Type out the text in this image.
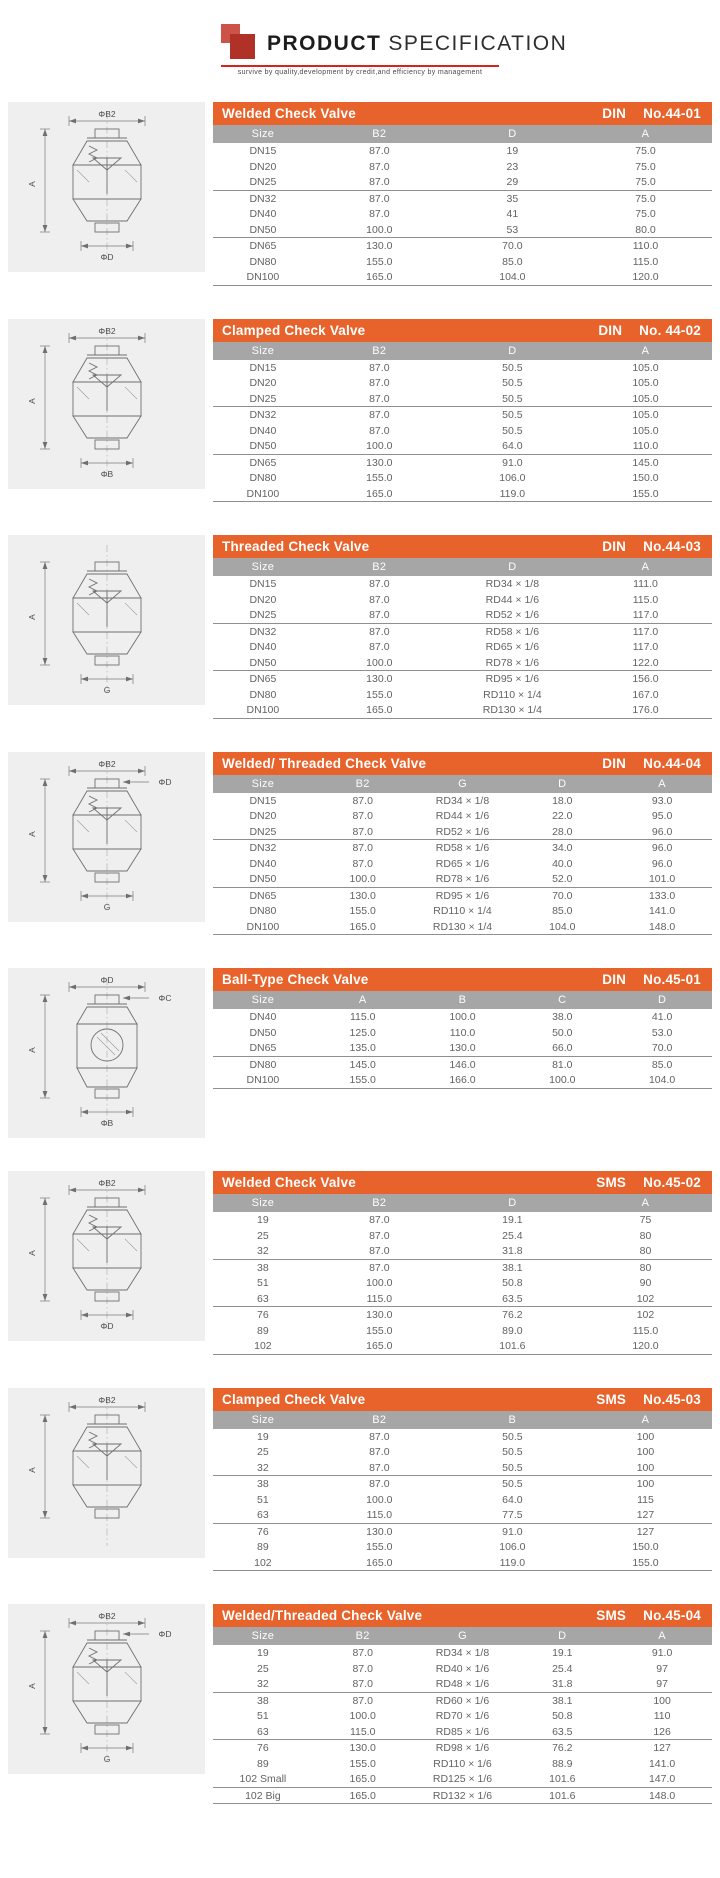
PRODUCT SPECIFICATION
survive by quality,development by credit,and efficiency by management
ΦB2
A
ΦD
Welded Check Valve	DIN No.44-01
Size	B2	D	A
DN15	87.0	19	75.0
DN20	87.0	23	75.0
DN25	87.0	29	75.0
DN32	87.0	35	75.0
DN40	87.0	41	75.0
DN50	100.0	53	80.0
DN65	130.0	70.0	110.0
DN80	155.0	85.0	115.0
DN100	165.0	104.0	120.0
ΦB2
A
ΦB
Clamped Check Valve	DIN No. 44-02
Size	B2	D	A
DN15	87.0	50.5	105.0
DN20	87.0	50.5	105.0
DN25	87.0	50.5	105.0
DN32	87.0	50.5	105.0
DN40	87.0	50.5	105.0
DN50	100.0	64.0	110.0
DN65	130.0	91.0	145.0
DN80	155.0	106.0	150.0
DN100	165.0	119.0	155.0
A
G
Threaded Check Valve	DIN No.44-03
Size	B2	D	A
DN15	87.0	RD34 × 1/8	111.0
DN20	87.0	RD44 × 1/6	115.0
DN25	87.0	RD52 × 1/6	117.0
DN32	87.0	RD58 × 1/6	117.0
DN40	87.0	RD65 × 1/6	117.0
DN50	100.0	RD78 × 1/6	122.0
DN65	130.0	RD95 × 1/6	156.0
DN80	155.0	RD110 × 1/4	167.0
DN100	165.0	RD130 × 1/4	176.0
ΦB2
ΦD
A
G
Welded/ Threaded Check Valve	DIN No.44-04
Size	B2	G	D	A
DN15	87.0	RD34 × 1/8	18.0	93.0
DN20	87.0	RD44 × 1/6	22.0	95.0
DN25	87.0	RD52 × 1/6	28.0	96.0
DN32	87.0	RD58 × 1/6	34.0	96.0
DN40	87.0	RD65 × 1/6	40.0	96.0
DN50	100.0	RD78 × 1/6	52.0	101.0
DN65	130.0	RD95 × 1/6	70.0	133.0
DN80	155.0	RD110 × 1/4	85.0	141.0
DN100	165.0	RD130 × 1/4	104.0	148.0
ΦD
ΦC
A
ΦB
Ball-Type Check Valve	DIN No.45-01
Size	A	B	C	D
DN40	115.0	100.0	38.0	41.0
DN50	125.0	110.0	50.0	53.0
DN65	135.0	130.0	66.0	70.0
DN80	145.0	146.0	81.0	85.0
DN100	155.0	166.0	100.0	104.0
ΦB2
A
ΦD
Welded Check Valve	SMS No.45-02
Size	B2	D	A
19	87.0	19.1	75
25	87.0	25.4	80
32	87.0	31.8	80
38	87.0	38.1	80
51	100.0	50.8	90
63	115.0	63.5	102
76	130.0	76.2	102
89	155.0	89.0	115.0
102	165.0	101.6	120.0
ΦB2
A
Clamped Check Valve	SMS No.45-03
Size	B2	B	A
19	87.0	50.5	100
25	87.0	50.5	100
32	87.0	50.5	100
38	87.0	50.5	100
51	100.0	64.0	115
63	115.0	77.5	127
76	130.0	91.0	127
89	155.0	106.0	150.0
102	165.0	119.0	155.0
ΦB2
ΦD
A
G
Welded/Threaded Check Valve	SMS No.45-04
Size	B2	G	D	A
19	87.0	RD34 × 1/8	19.1	91.0
25	87.0	RD40 × 1/6	25.4	97
32	87.0	RD48 × 1/6	31.8	97
38	87.0	RD60 × 1/6	38.1	100
51	100.0	RD70 × 1/6	50.8	110
63	115.0	RD85 × 1/6	63.5	126
76	130.0	RD98 × 1/6	76.2	127
89	155.0	RD110 × 1/6	88.9	141.0
102 Small	165.0	RD125 × 1/6	101.6	147.0
102 Big	165.0	RD132 × 1/6	101.6	148.0
